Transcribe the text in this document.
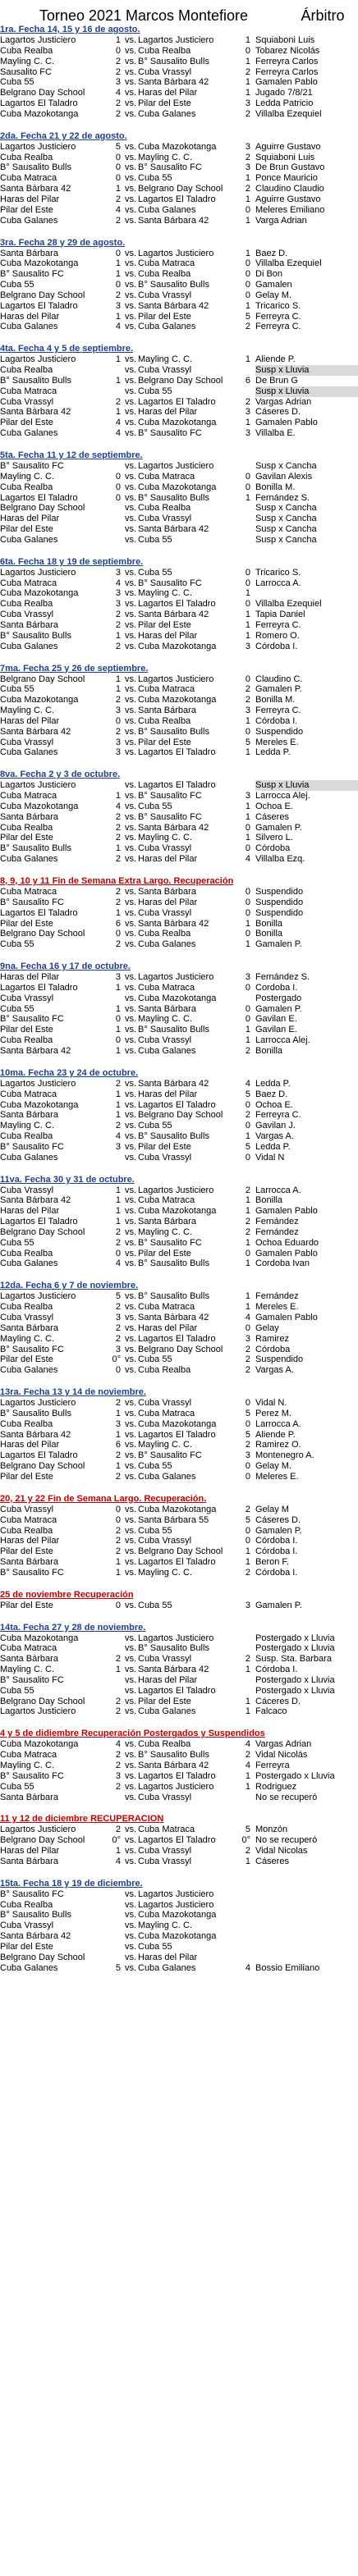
Torneo 2021 Marcos Montefiore	Árbitro
1ra. Fecha 14, 15 y 16 de agosto.
Lagartos Justiciero	1 vs. Lagartos Justiciero	1 Squiaboni Luis
Cuba Realba	0 vs. Cuba Realba	0 Tobarez Nicolás
Mayling C. C.	2 vs. B° Sausalito Bulls	1 Ferreyra Carlos
Sausalito FC	2 vs. Cuba Vrassyl	2 Ferreyra Carlos
Cuba 55	3 vs. Santa Bárbara 42	1 Gamalen Pablo
Belgrano Day School	4 vs. Haras del Pilar	1 Jugado 7/8/21
Lagartos El Taladro	2 vs. Pilar del Este	3 Ledda Patricio
Cuba Mazokotanga	2 vs. Cuba Galanes	2 Villalba Ezequiel
2da. Fecha 21 y 22 de agosto.
Lagartos Justiciero	5 vs. Cuba Mazokotanga	3 Aguirre Gustavo
Cuba Realba	0 vs. Mayling C. C.	2 Squiaboni Luis
B° Sausalito Bulls	0 vs. B° Sausalito FC	3 De Brun Gustavo
Cuba Matraca	0 vs. Cuba 55	1 Ponce Mauricio
Santa Bárbara 42	1 vs. Belgrano Day School	2 Claudino Claudio
Haras del Pilar	2 vs. Lagartos El Taladro	1 Aguirre Gustavo
Pilar del Este	4 vs. Cuba Galanes	0 Meleres Emiliano
Cuba Galanes	2 vs. Santa Bárbara 42	1 Varga Adrian
3ra. Fecha 28 y 29 de agosto.
Santa Bárbara	0 vs. Lagartos Justiciero	1 Baez D.
Cuba Mazokotanga	1 vs. Cuba Matraca	0 Villalba Ezequiel
B° Sausalito FC	1 vs. Cuba Realba	0 Di Bon
Cuba 55	0 vs. B° Sausalito Bulls	0 Gamalen
Belgrano Day School	2 vs. Cuba Vrassyl	0 Gelay M.
Lagartos El Taladro	3 vs. Santa Bárbara 42	1 Tricarico S.
Haras del Pilar	1 vs. Pilar del Este	5 Ferreyra C.
Cuba Galanes	4 vs. Cuba Galanes	2 Ferreyra C.
4ta. Fecha 4 y 5 de septiembre.
Lagartos Justiciero	1 vs. Mayling C. C.	1 Aliende P.
Cuba Realba	vs. Cuba Vrassyl	Susp x Lluvia
B° Sausalito Bulls	1 vs. Belgrano Day School	6 De Brun G
Cuba Matraca	vs. Cuba 55	Susp x Lluvia
Cuba Vrassyl	2 vs. Lagartos El Taladro	2 Vargas Adrian
Santa Bárbara 42	1 vs. Haras del Pilar	3 Cáseres D.
Pilar del Este	4 vs. Cuba Mazokotanga	1 Gamalen Pablo
Cuba Galanes	4 vs. B° Sausalito FC	3 Villalba E.
5ta. Fecha 11 y 12 de septiembre.
B° Sausalito FC	vs. Lagartos Justiciero	Susp x Cancha
Mayling C. C.	0 vs. Cuba Matraca	0 Gavilan Alexis
Cuba Realba	0 vs. Cuba Mazokotanga	0 Bonilla M.
Lagartos El Taladro	0 vs. B° Sausalito Bulls	1 Fernández S.
Belgrano Day School	vs. Cuba Realba	Susp x Cancha
Haras del Pilar	vs. Cuba Vrassyl	Susp x Cancha
Pilar del Este	vs. Santa Bárbara 42	Susp x Cancha
Cuba Galanes	vs. Cuba 55	Susp x Cancha
6ta. Fecha 18 y 19 de septiembre.
Lagartos Justiciero	3 vs. Cuba 55	0 Tricarico S.
Cuba Matraca	4 vs. B° Sausalito FC	0 Larrocca A.
Cuba Mazokotanga	3 vs. Mayling C. C.	1
Cuba Realba	3 vs. Lagartos El Taladro	0 Villalba Ezequiel
Cuba Vrassyl	2 vs. Santa Bárbara 42	1 Tapia Daniel
Santa Bárbara	2 vs. Pilar del Este	1 Ferreyra C.
B° Sausalito Bulls	1 vs. Haras del Pilar	1 Romero O.
Cuba Galanes	2 vs. Cuba Mazokotanga	3 Córdoba I.
7ma. Fecha 25 y 26 de septiembre.
Belgrano Day School	1 vs. Lagartos Justiciero	0 Claudino C.
Cuba 55	1 vs. Cuba Matraca	2 Gamalen P.
Cuba Mazokotanga	2 vs. Cuba Mazokotanga	2 Bonilla M.
Mayling C. C.	3 vs. Santa Bárbara	3 Ferreyra C.
Haras del Pilar	0 vs. Cuba Realba	1 Córdoba I.
Santa Bárbara 42	2 vs. B° Sausalito Bulls	0 Suspendido
Cuba Vrassyl	3 vs. Pilar del Este	5 Mereles E.
Cuba Galanes	3 vs. Lagartos El Taladro	1 Ledda P.
8va. Fecha 2 y 3 de octubre.
Lagartos Justiciero	vs. Lagartos El Taladro	Susp x Lluvia
Cuba Matraca	1 vs. B° Sausalito FC	3 Larrocca Alej.
Cuba Mazokotanga	4 vs. Cuba 55	1 Ochoa E.
Santa Bárbara	2 vs. B° Sausalito FC	1 Cáseres
Cuba Realba	2 vs. Santa Bárbara 42	0 Gamalen P.
Pilar del Este	2 vs. Mayling C. C.	1 Silvero L.
B° Sausalito Bulls	1 vs. Cuba Vrassyl	0 Córdoba
Cuba Galanes	2 vs. Haras del Pilar	4 Villalba Ezq.
8, 9, 10 y 11 Fin de Semana Extra Largo. Recuperación
Cuba Matraca	2 vs. Santa Bárbara	0 Suspendido
B° Sausalito FC	2 vs. Haras del Pilar	0 Suspendido
Lagartos El Taladro	1 vs. Cuba Vrassyl	0 Suspendido
Pilar del Este	6 vs. Santa Bárbara 42	1 Bonilla
Belgrano Day School	0 vs. Cuba Realba	0 Bonilla
Cuba 55	2 vs. Cuba Galanes	1 Gamalen P.
9na. Fecha 16 y 17 de octubre.
Haras del Pilar	3 vs. Lagartos Justiciero	3 Fernández S.
Lagartos El Taladro	1 vs. Cuba Matraca	0 Cordoba I.
Cuba Vrassyl	vs. Cuba Mazokotanga	Postergado
Cuba 55	1 vs. Santa Bárbara	0 Gamalen P.
B° Sausalito FC	0 vs. Mayling C. C.	0 Gavilan E.
Pilar del Este	1 vs. B° Sausalito Bulls	1 Gavilan E.
Cuba Realba	0 vs. Cuba Vrassyl	1 Larrocca Alej.
Santa Bárbara 42	1 vs. Cuba Galanes	2 Bonilla
10ma. Fecha 23 y 24 de octubre.
Lagartos Justiciero	2 vs. Santa Bárbara 42	4 Ledda P.
Cuba Matraca	1 vs. Haras del Pilar	5 Baez D.
Cuba Mazokotanga	1 vs. Lagartos El Taladro	0 Ochoa E.
Santa Bárbara	1 vs. Belgrano Day School	2 Ferreyra C.
Mayling C. C.	2 vs. Cuba 55	0 Gavilan J.
Cuba Realba	4 vs. B° Sausalito Bulls	1 Vargas A.
B° Sausalito FC	3 vs. Pilar del Este	5 Ledda P.
Cuba Galanes	vs. Cuba Vrassyl	0 Vidal N
11va. Fecha 30 y 31 de octubre.
Cuba Vrassyl	1 vs. Lagartos Justiciero	2 Larrocca A.
Santa Bárbara 42	1 vs. Cuba Matraca	1 Bonilla
Haras del Pilar	1 vs. Cuba Mazokotanga	1 Gamalen Pablo
Lagartos El Taladro	1 vs. Santa Bárbara	2 Fernández
Belgrano Day School	2 vs. Mayling C. C.	2 Fernández
Cuba 55	2 vs. B° Sausalito FC	1 Ochoa Eduardo
Cuba Realba	0 vs. Pilar del Este	0 Gamalen Pablo
Cuba Galanes	4 vs. B° Sausalito Bulls	1 Cordoba Ivan
12da. Fecha 6 y 7 de noviembre.
Lagartos Justiciero	5 vs. B° Sausalito Bulls	1 Fernández
Cuba Realba	2 vs. Cuba Matraca	1 Mereles E.
Cuba Vrassyl	3 vs. Santa Bárbara 42	4 Gamalen Pablo
Santa Bárbara	2 vs. Haras del Pilar	0 Gelay
Mayling C. C.	2 vs. Lagartos El Taladro	3 Ramirez
B° Sausalito FC	3 vs. Belgrano Day School	2 Córdoba
Pilar del Este	0° vs. Cuba 55	2 Suspendido
Cuba Galanes	0 vs. Cuba Realba	2 Vargas A.
13ra. Fecha 13 y 14 de noviembre.
Lagartos Justiciero	2 vs. Cuba Vrassyl	0 Vidal N.
B° Sausalito Bulls	1 vs. Cuba Matraca	5 Perez M.
Cuba Realba	3 vs. Cuba Mazokotanga	0 Larrocca A.
Santa Bárbara 42	1 vs. Lagartos El Taladro	5 Aliende P.
Haras del Pilar	6 vs. Mayling C. C.	2 Ramirez O.
Lagartos El Taladro	2 vs. B° Sausalito FC	3 Montenegro A.
Belgrano Day School	1 vs. Cuba 55	0 Gelay M.
Pilar del Este	2 vs. Cuba Galanes	0 Meleres E.
20, 21 y 22 Fin de Semana Largo. Recuperación.
Cuba Vrassyl	0 vs. Cuba Mazokotanga	2 Gelay M
Cuba Matraca	0 vs. Santa Bárbara 55	5 Cáseres D.
Cuba Realba	2 vs. Cuba 55	0 Gamalen P.
Haras del Pilar	2 vs. Cuba Vrassyl	0 Córdoba I.
Pilar del Este	2 vs. Belgrano Day School	1 Córdoba I.
Santa Bárbara	1 vs. Lagartos El Taladro	1 Beron F.
B° Sausalito FC	1 vs. Mayling C. C.	2 Córdoba I.
25 de noviembre Recuperación
Pilar del Este	0 vs. Cuba 55	3 Gamalen P.
14ta. Fecha 27 y 28 de noviembre.
Cuba Mazokotanga	vs. Lagartos Justiciero	Postergado x Lluvia
Cuba Matraca	vs. B° Sausalito Bulls	Postergado x Lluvia
Santa Bárbara	2 vs. Cuba Vrassyl	2 Susp. Sta. Barbara
Mayling C. C.	1 vs. Santa Bárbara 42	1 Córdoba I.
B° Sausalito FC	vs. Haras del Pilar	Postergado x Lluvia
Cuba 55	vs. Lagartos El Taladro	Postergado x Lluvia
Belgrano Day School	2 vs. Pilar del Este	1 Cáceres D.
Lagartos Justiciero	2 vs. Cuba Galanes	1 Falcaco
4 y 5 de didiembre Recuperación Postergados y Suspendidos
Cuba Mazokotanga	4 vs. Cuba Realba	4 Vargas Adrian
Cuba Matraca	2 vs. B° Sausalito Bulls	2 Vidal Nicolás
Mayling C. C.	2 vs. Santa Bárbara 42	4 Ferreyra
B° Sausalito FC	3 vs. Lagartos El Taladro	1 Postergado x Lluvia
Cuba 55	2 vs. Lagartos Justiciero	1 Rodriguez
Santa Bárbara	vs. Cuba Vrassyl	No se recuperó
11 y 12 de diciembre RECUPERACION
Lagartos Justiciero	2 vs. Cuba Matraca	5 Monzón
Belgrano Day School	0° vs. Lagartos El Taladro	0° No se recuperó
Haras del Pilar	1 vs. Cuba Vrassyl	2 Vidal Nicolas
Santa Bárbara	4 vs. Cuba Vrassyl	1 Cáseres
15ta. Fecha 18 y 19 de diciembre.
B° Sausalito FC	vs. Lagartos Justiciero
Cuba Realba	vs. Lagartos Justiciero
B° Sausalito Bulls	vs. Cuba Mazokotanga
Cuba Vrassyl	vs. Mayling C. C.
Santa Bárbara 42	vs. Cuba Mazokotanga
Pilar del Este	vs. Cuba 55
Belgrano Day School	vs. Haras del Pilar
Cuba Galanes	5 vs. Cuba Galanes	4 Bossio Emiliano
